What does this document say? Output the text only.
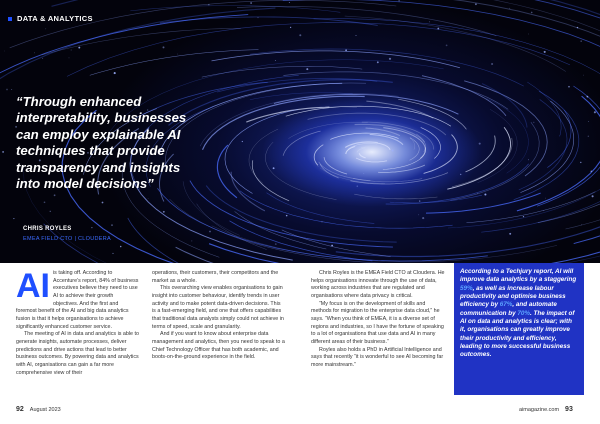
DATA & ANALYTICS

“Through enhanced interpretability, businesses can employ explainable AI techniques that provide transparency and insights into model decisions”

CHRIS ROYLES
EMEA FIELD CTO | CLOUDERA

AI is taking off. According to Accenture’s report, 84% of business executives believe they need to use AI to achieve their growth objectives. And the first and foremost benefit of the AI and big data analytics fusion is that it helps organisations to achieve significantly enhanced customer service.

The meeting of AI in data and analytics is able to generate insights, automate processes, deliver predictions and drive actions that lead to better business outcomes. By powering data and analytics with AI, organisations can gain a far more comprehensive view of their

operations, their customers, their competitors and the market as a whole.

This overarching view enables organisations to gain insight into customer behaviour, identify trends in user activity and to make potent data-driven decisions. This is a fast-emerging field, and one that offers capabilities that traditional data analysts simply could not achieve in terms of speed, scale and granularity.

And if you want to know about enterprise data management and analytics, then you need to speak to a Chief Technology Officer that has both academic, and boots-on-the-ground experience in the field.

Chris Royles is the EMEA Field CTO at Cloudera. He helps organisations innovate through the use of data, working across industries that are regulated and organisations where data privacy is critical.

“My focus is on the development of skills and methods for migration to the enterprise data cloud,” he says. “When you think of EMEA, it is a diverse set of regions and industries, so I have the fortune of speaking to a lot of organisations that use data and AI in many different areas of their business.”

Royles also holds a PhD in Artificial Intelligence and says that recently “it is wonderful to see AI becoming far more mainstream.”

According to a Techjury report, AI will improve data analytics by a staggering 59%, as well as increase labour productivity and optimise business efficiency by 67%, and automate communication by 70%. The impact of AI on data and analytics is clear; with it, organisations can greatly improve their productivity and efficiency, leading to more successful business outcomes.
92 August 2023	aimagazine.com 93
